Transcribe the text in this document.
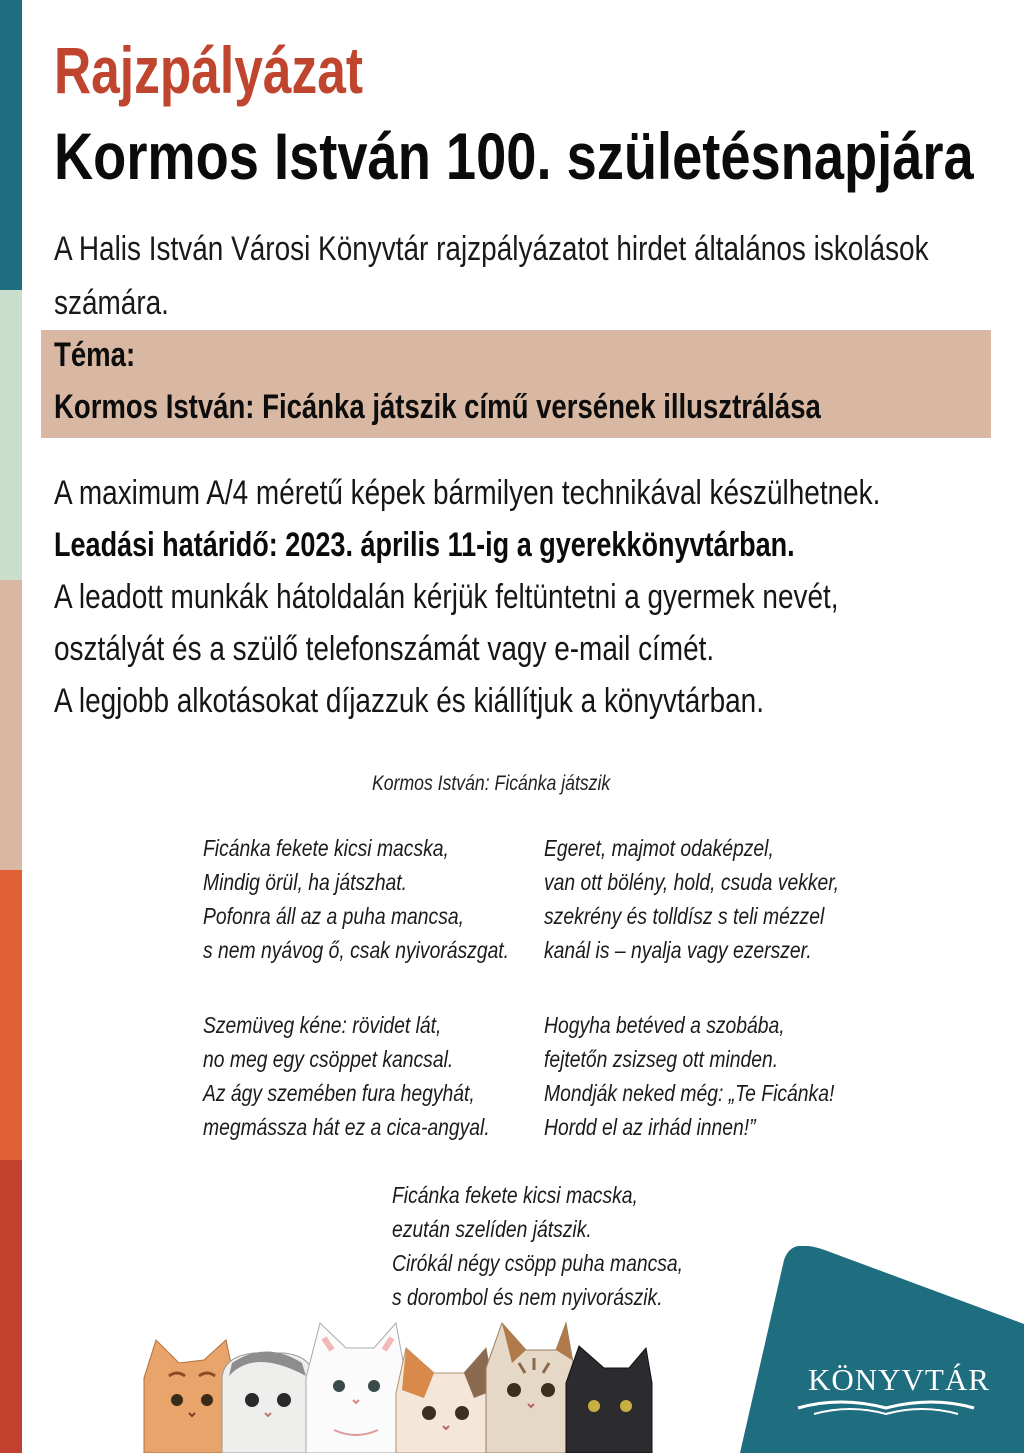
Rajzpályázat
Kormos István 100. születésnapjára
A Halis István Városi Könyvtár rajzpályázatot hirdet általános iskolások
számára.
Téma:
Kormos István: Ficánka játszik című versének illusztrálása
A maximum A/4 méretű képek bármilyen technikával készülhetnek.
Leadási határidő: 2023. április 11-ig a gyerekkönyvtárban.
A leadott munkák hátoldalán kérjük feltüntetni a gyermek nevét,
osztályát és a szülő telefonszámát vagy e-mail címét.
A legjobb alkotásokat díjazzuk és kiállítjuk a könyvtárban.
Kormos István: Ficánka játszik
Ficánka fekete kicsi macska,
Mindig örül, ha játszhat.
Pofonra áll az a puha mancsa,
s nem nyávog ő, csak nyivorászgat.
Egeret, majmot odaképzel,
van ott bölény, hold, csuda vekker,
szekrény és tolldísz s teli mézzel
kanál is – nyalja vagy ezerszer.
Szemüveg kéne: rövidet lát,
no meg egy csöppet kancsal.
Az ágy szemében fura hegyhát,
megmássza hát ez a cica-angyal.
Hogyha betéved a szobába,
fejtetőn zsizseg ott minden.
Mondják neked még: „Te Ficánka!
Hordd el az irhád innen!”
Ficánka fekete kicsi macska,
ezután szelíden játszik.
Cirókál négy csöpp puha mancsa,
s dorombol és nem nyivorászik.
KÖNYVTÁR
